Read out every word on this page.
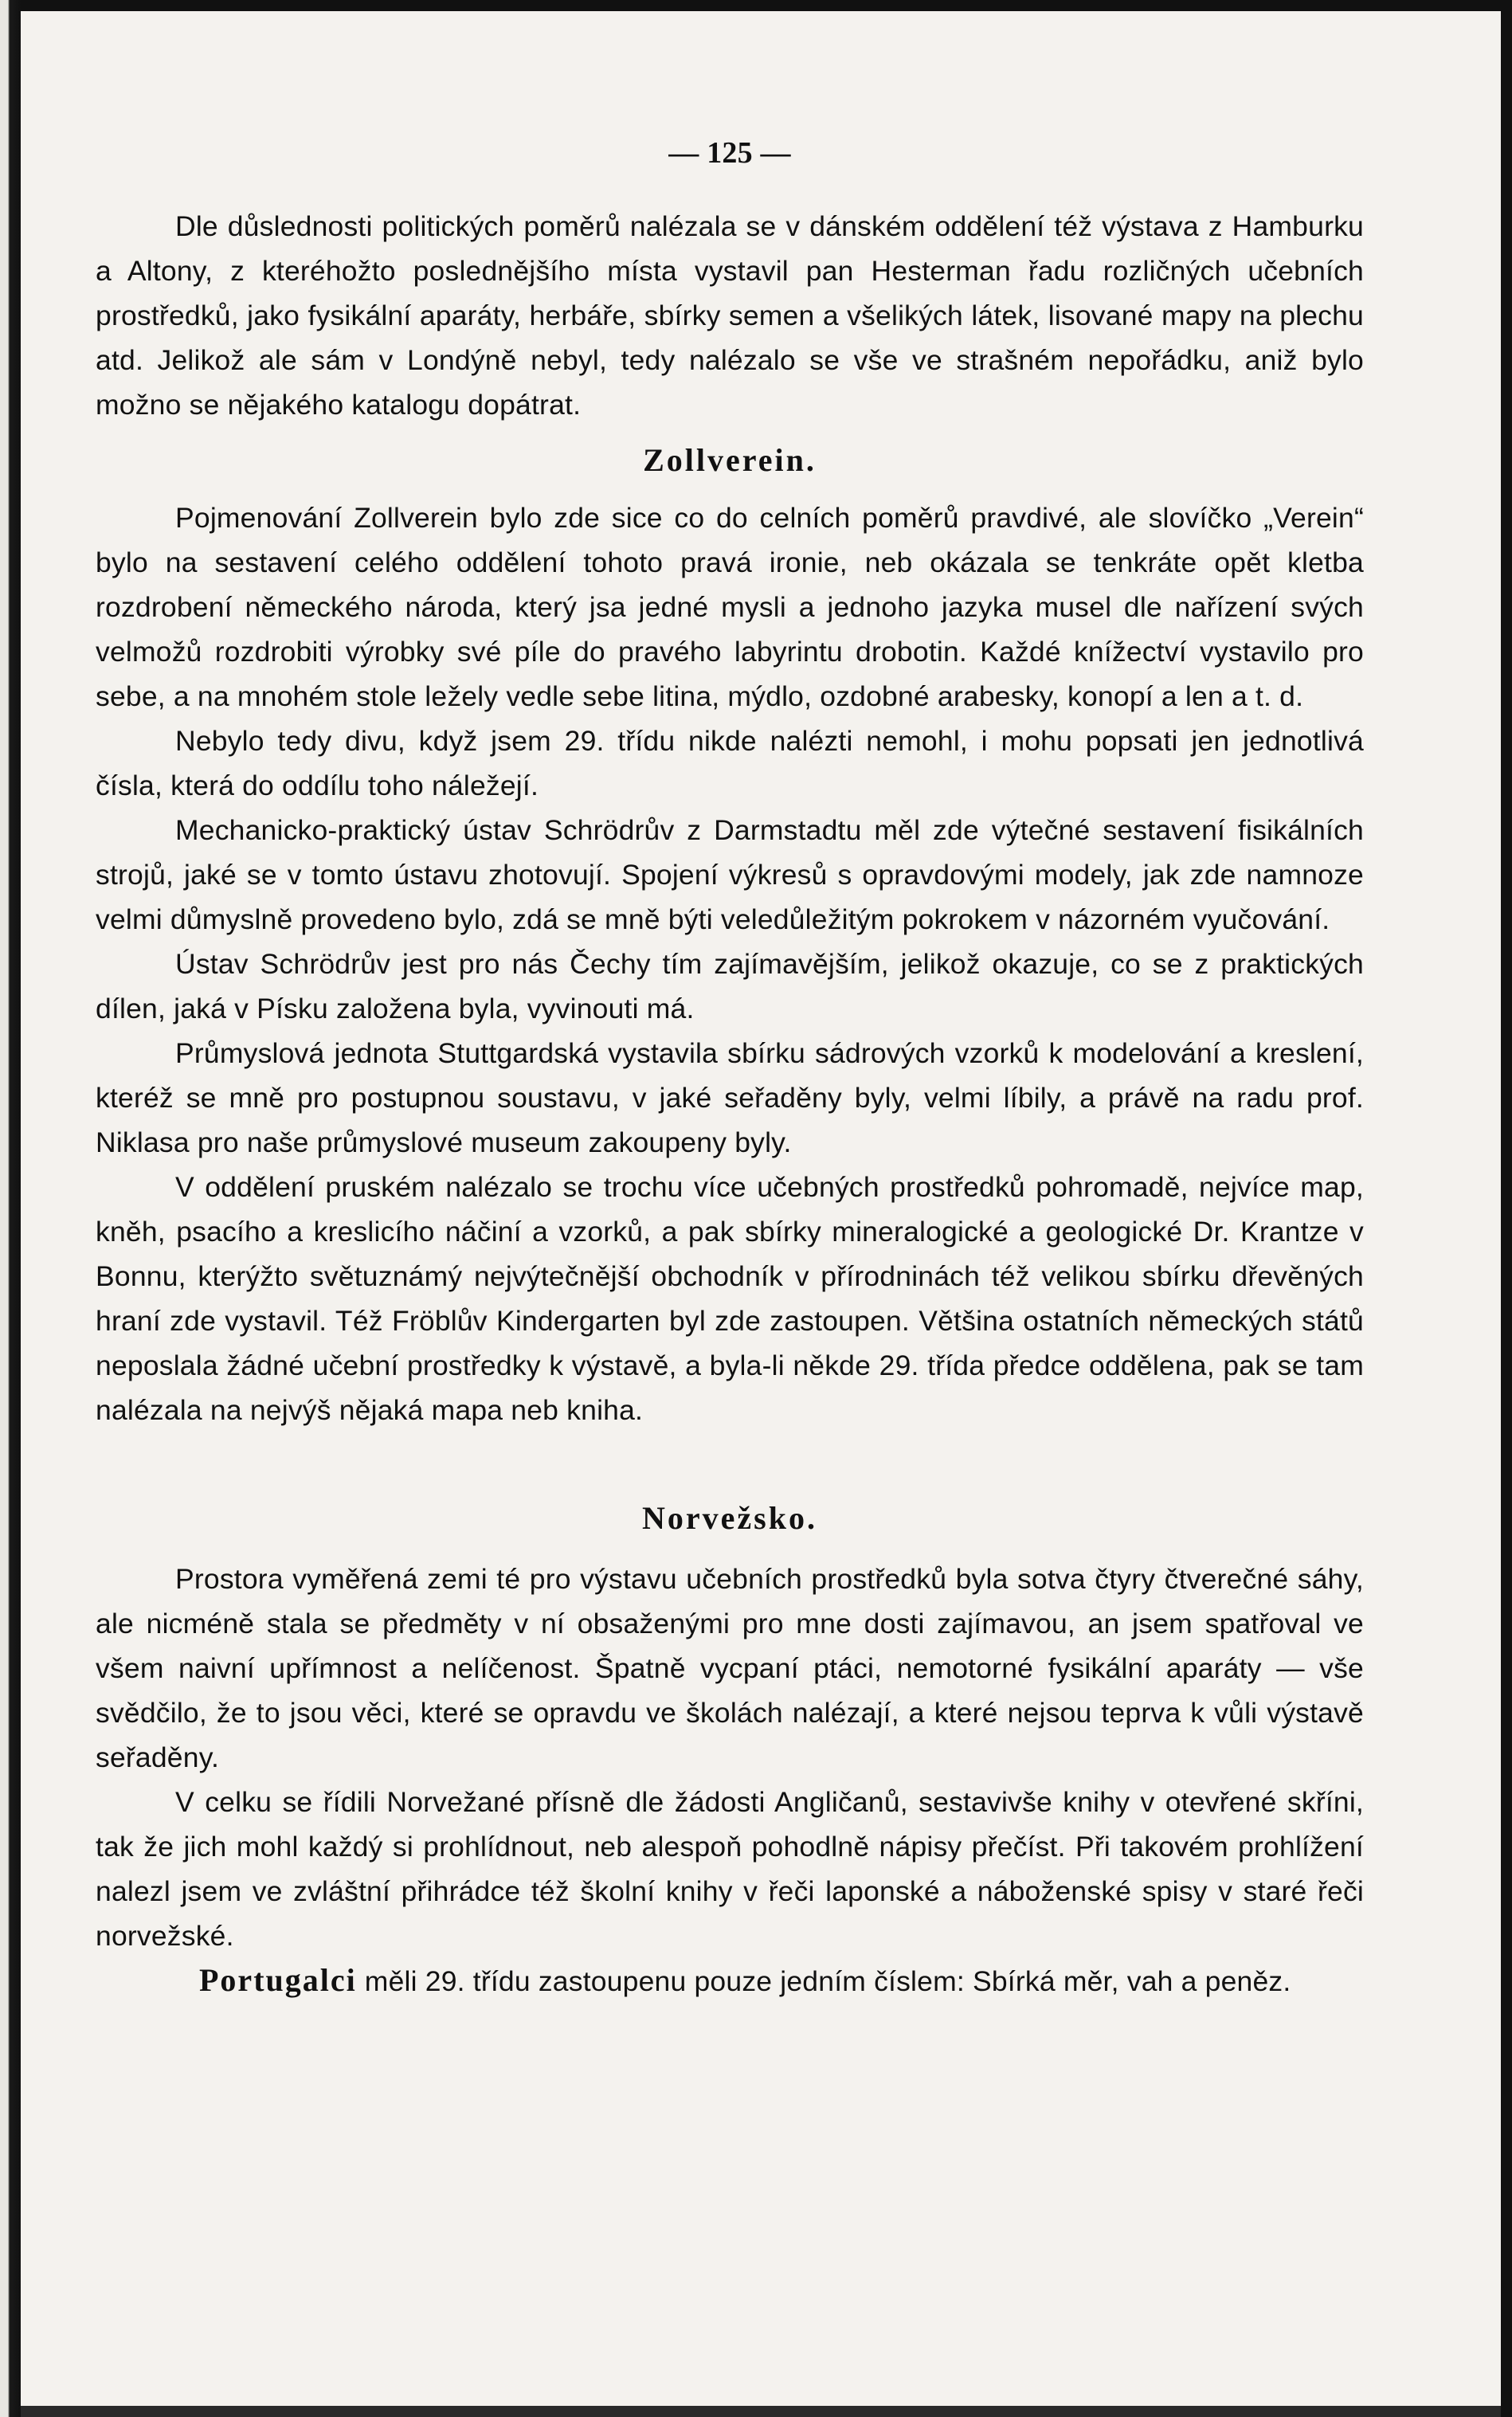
— 125 —

Dle důslednosti politických poměrů nalézala se v dánském oddělení též výstava z Hamburku a Altony, z kteréhožto poslednějšího místa vystavil pan Hesterman řadu rozličných učebních prostředků, jako fysikální aparáty, herbáře, sbírky semen a všelikých látek, lisované mapy na plechu atd. Jelikož ale sám v Londýně nebyl, tedy nalézalo se vše ve strašném nepořádku, aniž bylo možno se nějakého katalogu dopátrat.

Zollverein.

Pojmenování Zollverein bylo zde sice co do celních poměrů pravdivé, ale slovíčko „Verein“ bylo na sestavení celého oddělení tohoto pravá ironie, neb okázala se tenkráte opět kletba rozdrobení německého národa, který jsa jedné mysli a jednoho jazyka musel dle nařízení svých velmožů rozdrobiti výrobky své píle do pravého labyrintu drobotin. Každé knížectví vystavilo pro sebe, a na mnohém stole ležely vedle sebe litina, mýdlo, ozdobné arabesky, konopí a len a t. d.

Nebylo tedy divu, když jsem 29. třídu nikde nalézti nemohl, i mohu popsati jen jednotlivá čísla, která do oddílu toho náležejí.

Mechanicko-praktický ústav Schrödrův z Darmstadtu měl zde výtečné sestavení fisikálních strojů, jaké se v tomto ústavu zhotovují. Spojení výkresů s opravdovými modely, jak zde namnoze velmi důmyslně provedeno bylo, zdá se mně býti veledůležitým pokrokem v názorném vyučování.

Ústav Schrödrův jest pro nás Čechy tím zajímavějším, jelikož okazuje, co se z praktických dílen, jaká v Písku založena byla, vyvinouti má.

Průmyslová jednota Stuttgardská vystavila sbírku sádrových vzorků k modelování a kreslení, kteréž se mně pro postupnou soustavu, v jaké seřaděny byly, velmi líbily, a právě na radu prof. Niklasa pro naše průmyslové museum zakoupeny byly.

V oddělení pruském nalézalo se trochu více učebných prostředků pohromadě, nejvíce map, kněh, psacího a kreslicího náčiní a vzorků, a pak sbírky mineralogické a geologické Dr. Krantze v Bonnu, kterýžto světuznámý nejvýtečnější obchodník v přírodninách též velikou sbírku dřevěných hraní zde vystavil. Též Fröblův Kindergarten byl zde zastoupen. Většina ostatních německých států neposlala žádné učební prostředky k výstavě, a byla-li někde 29. třída předce oddělena, pak se tam nalézala na nejvýš nějaká mapa neb kniha.

Norvežsko.

Prostora vyměřená zemi té pro výstavu učebních prostředků byla sotva čtyry čtverečné sáhy, ale nicméně stala se předměty v ní obsaženými pro mne dosti zajímavou, an jsem spatřoval ve všem naivní upřímnost a nelíčenost. Špatně vycpaní ptáci, nemotorné fysikální aparáty — vše svědčilo, že to jsou věci, které se opravdu ve školách nalézají, a které nejsou teprva k vůli výstavě seřaděny.

V celku se řídili Norvežané přísně dle žádosti Angličanů, sestavivše knihy v otevřené skříni, tak že jich mohl každý si prohlídnout, neb alespoň pohodlně nápisy přečíst. Při takovém prohlížení nalezl jsem ve zvláštní přihrádce též školní knihy v řeči laponské a náboženské spisy v staré řeči norvežské.

Portugalci měli 29. třídu zastoupenu pouze jedním číslem: Sbírká měr, vah a peněz.
